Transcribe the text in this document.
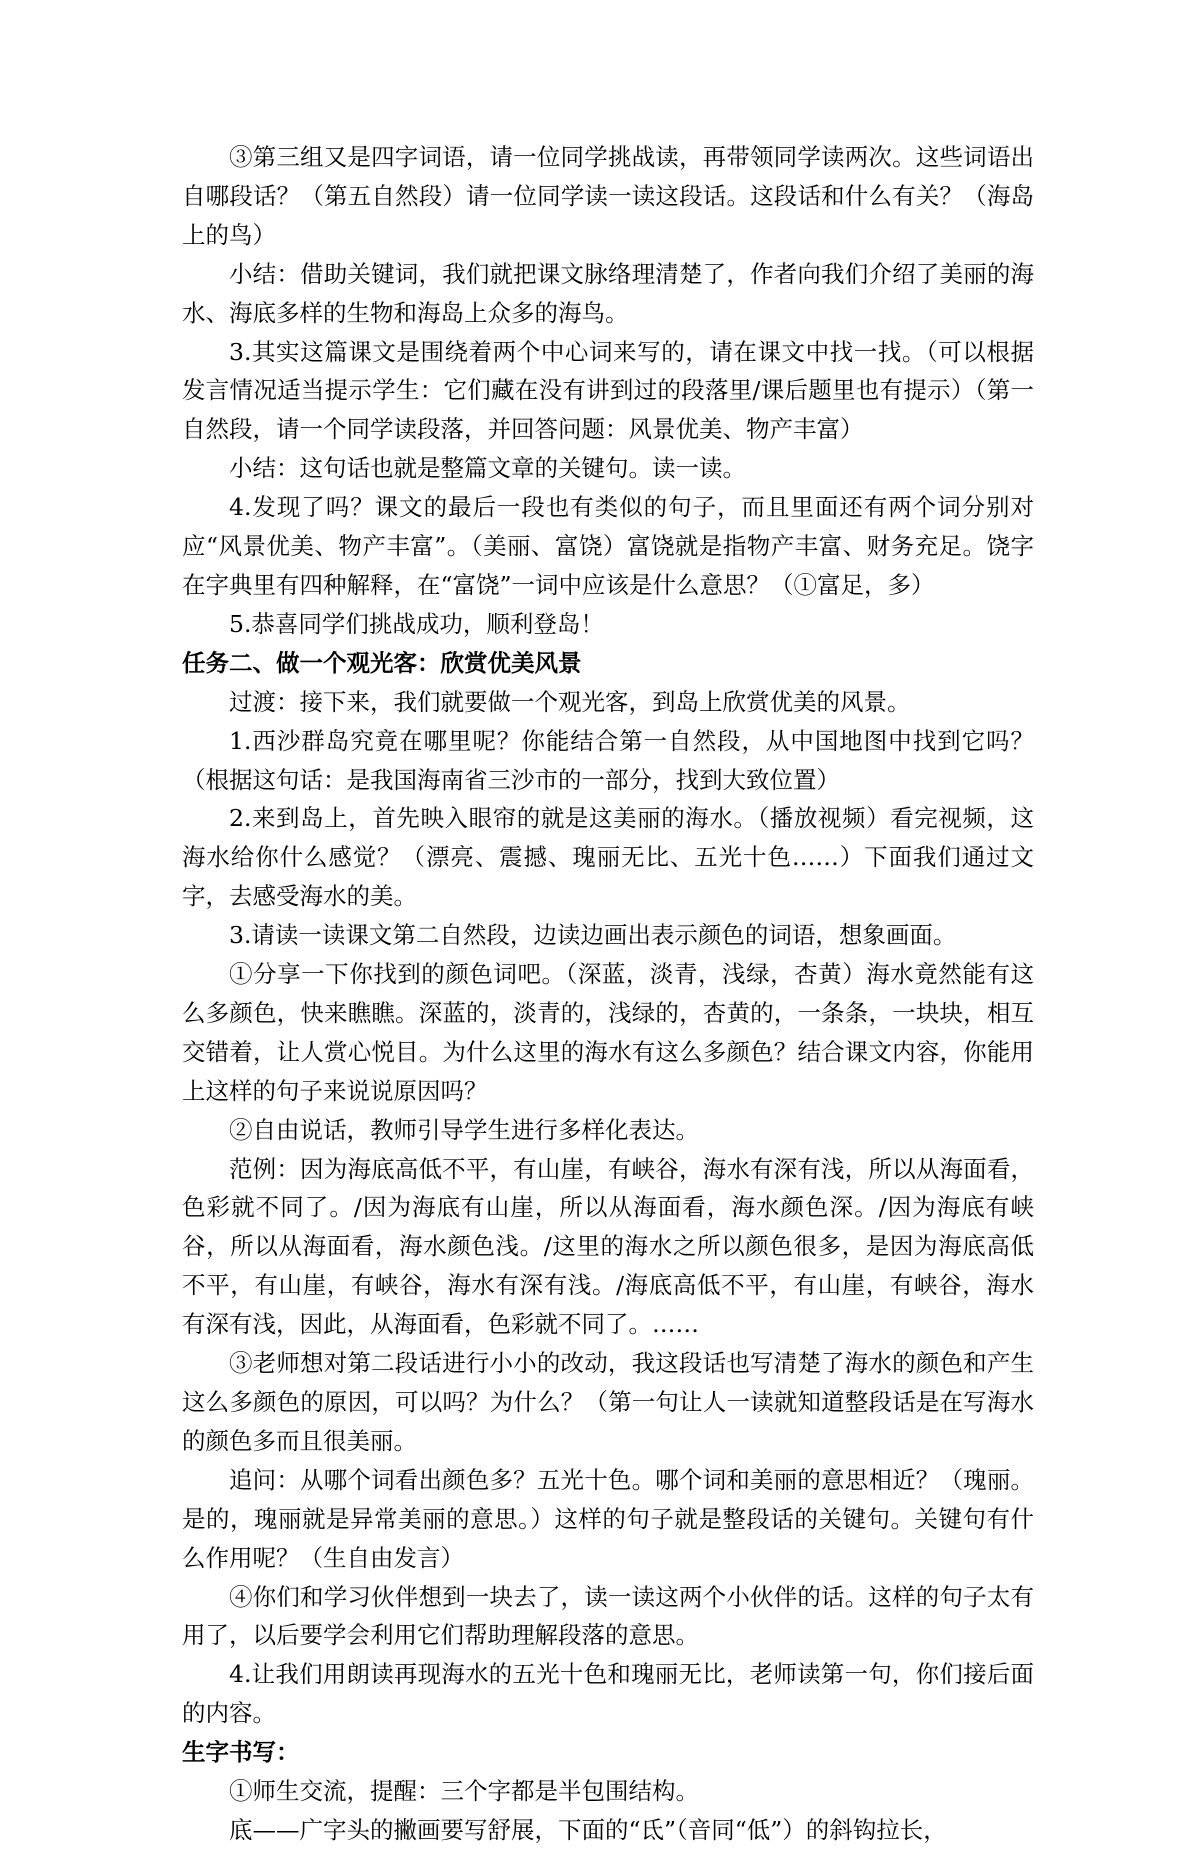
③第三组又是四字词语，请一位同学挑战读，再带领同学读两次。这些词语出自哪段话？（第五自然段）请一位同学读一读这段话。这段话和什么有关？（海岛上的鸟）

小结：借助关键词，我们就把课文脉络理清楚了，作者向我们介绍了美丽的海水、海底多样的生物和海岛上众多的海鸟。

3.其实这篇课文是围绕着两个中心词来写的，请在课文中找一找。（可以根据发言情况适当提示学生：它们藏在没有讲到过的段落里/课后题里也有提示）（第一自然段，请一个同学读段落，并回答问题：风景优美、物产丰富）

小结：这句话也就是整篇文章的关键句。读一读。

4.发现了吗？课文的最后一段也有类似的句子，而且里面还有两个词分别对应“风景优美、物产丰富”。（美丽、富饶）富饶就是指物产丰富、财务充足。饶字在字典里有四种解释，在“富饶”一词中应该是什么意思？（①富足，多）

5.恭喜同学们挑战成功，顺利登岛！

任务二、做一个观光客：欣赏优美风景

过渡：接下来，我们就要做一个观光客，到岛上欣赏优美的风景。

1.西沙群岛究竟在哪里呢？你能结合第一自然段，从中国地图中找到它吗？（根据这句话：是我国海南省三沙市的一部分，找到大致位置）

2.来到岛上，首先映入眼帘的就是这美丽的海水。（播放视频）看完视频，这海水给你什么感觉？（漂亮、震撼、瑰丽无比、五光十色……）下面我们通过文字，去感受海水的美。

3.请读一读课文第二自然段，边读边画出表示颜色的词语，想象画面。

①分享一下你找到的颜色词吧。（深蓝，淡青，浅绿，杏黄）海水竟然能有这么多颜色，快来瞧瞧。深蓝的，淡青的，浅绿的，杏黄的，一条条，一块块，相互交错着，让人赏心悦目。为什么这里的海水有这么多颜色？结合课文内容，你能用上这样的句子来说说原因吗？

②自由说话，教师引导学生进行多样化表达。

范例：因为海底高低不平，有山崖，有峡谷，海水有深有浅，所以从海面看，色彩就不同了。/因为海底有山崖，所以从海面看，海水颜色深。/因为海底有峡谷，所以从海面看，海水颜色浅。/这里的海水之所以颜色很多，是因为海底高低不平，有山崖，有峡谷，海水有深有浅。/海底高低不平，有山崖，有峡谷，海水有深有浅，因此，从海面看，色彩就不同了。……

③老师想对第二段话进行小小的改动，我这段话也写清楚了海水的颜色和产生这么多颜色的原因，可以吗？为什么？（第一句让人一读就知道整段话是在写海水的颜色多而且很美丽。

追问：从哪个词看出颜色多？五光十色。哪个词和美丽的意思相近？（瑰丽。是的，瑰丽就是异常美丽的意思。）这样的句子就是整段话的关键句。关键句有什么作用呢？（生自由发言）

④你们和学习伙伴想到一块去了，读一读这两个小伙伴的话。这样的句子太有用了，以后要学会利用它们帮助理解段落的意思。

4.让我们用朗读再现海水的五光十色和瑰丽无比，老师读第一句，你们接后面的内容。

生字书写：

①师生交流，提醒：三个字都是半包围结构。

底——广字头的撇画要写舒展，下面的“氐”（音同“低”）的斜钩拉长，
